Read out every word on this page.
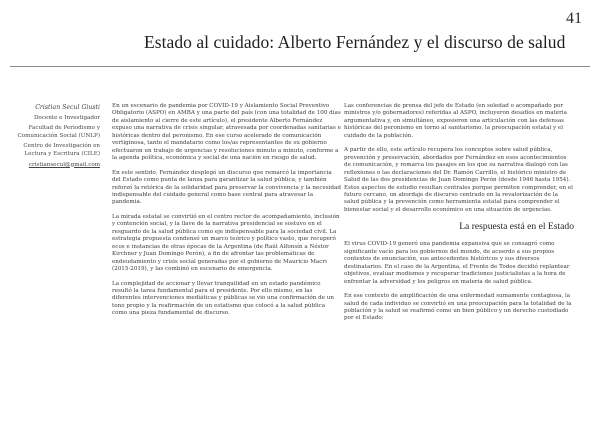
41
Estado al cuidado: Alberto Fernández y el discurso de salud
Cristian Secul Giusti
Docente e Investigador
Facultad de Periodismo y Comunicación Social (UNLP)
Centro de Investigación en Lectura y Escritura (CILE)
cristiansecul@gmail.com

En un escenario de pandemia por COVID-19 y Aislamiento Social Preventivo Obligatorio (ASPO) en AMBA y una parte del país (con una totalidad de 100 días de aislamiento al cierre de este artículo), el presidente Alberto Fernández expuso una narrativa de crisis singular, atravesada por coordenadas sanitarias e históricas dentro del peronismo. En ese curso acelerado de comunicación vertiginosa, tanto el mandatario como los/as representantes de su gobierno efectuaron un trabajo de urgencias y resoluciones minuto a minuto, conforme a la agenda política, económica y social de una nación en riesgo de salud.

En este sentido, Fernández desplegó un discurso que remarcó la importancia del Estado como punta de lanza para garantizar la salud pública, y también reforzó la retórica de la solidaridad para preservar la convivencia y la necesidad indispensable del cuidado general como base central para atravesar la pandemia.

La mirada estatal se convirtió en el centro rector de acompañamiento, inclusión y contención social, y la llave de la narrativa presidencial se sostuvo en el resguardo de la salud pública como eje indispensable para la sociedad civil. La estrategia propuesta condensó un marco teórico y político vasto, que recuperó ecos e instancias de otras épocas de la Argentina (de Raúl Alfonsín a Néstor Kirchner y Juan Domingo Perón), a fin de afrontar las problemáticas de endeudamiento y crisis social generadas por el gobierno de Mauricio Macri (2015-2019), y las combinó en escenario de emergencia.

La complejidad de accionar y llevar tranquilidad en un estado pandémico resultó la tarea fundamental para el presidente. Por ello mismo, en las diferentes intervenciones mediáticas y públicas se vio una confirmación de un tono propio y la reafirmación de un estatismo que colocó a la salud pública como una pieza fundamental de discurso.

Las conferencias de prensa del jefe de Estado (en soledad o acompañado por ministros y/o gobernadores) referidas al ASPO, incluyeron desafíos en materia argumentativa y, en simultáneo, exposieron una articulación con las defensas históricas del peronismo en torno al sanitarismo, la preocupación estatal y el cuidado de la población.

A partir de ello, este artículo recupera los conceptos sobre salud pública, prevención y preservación, abordados por Fernández en esos acontecimientos de comunicación, y remarca los pasajes en los que su narrativa dialogó con las reflexiones o las declaraciones del Dr. Ramón Carrillo, el histórico ministro de Salud de las dos presidencias de Juan Domingo Perón (desde 1946 hasta 1954). Estos aspectos de estudio resultan centrales porque permiten comprender, en el futuro cercano, un abordaje de discurso centrado en la revalorización de la salud pública y la prevención como herramienta estatal para comprender el bienestar social y el desarrollo económico en una situación de urgencias.

La respuesta está en el Estado

El virus COVID-19 generó una pandemia expansiva que se consagró como significante vacío para los gobiernos del mundo, de acuerdo a sus propios contextos de enunciación, sus antecedentes históricos y sus diversos destinatarios. En el caso de la Argentina, el Frente de Todos decidió replantear objetivos, evaluar modismos y recuperar tradiciones justicialistas a la hora de enfrentar la adversidad y los peligros en materia de salud pública.

En ese contexto de amplificación de una enfermedad sumamente contagiosa, la salud de cada individuo se convirtió en una preocupación para la totalidad de la población y la salud se reafirmó como un bien público y un derecho custodiado por el Estado:
